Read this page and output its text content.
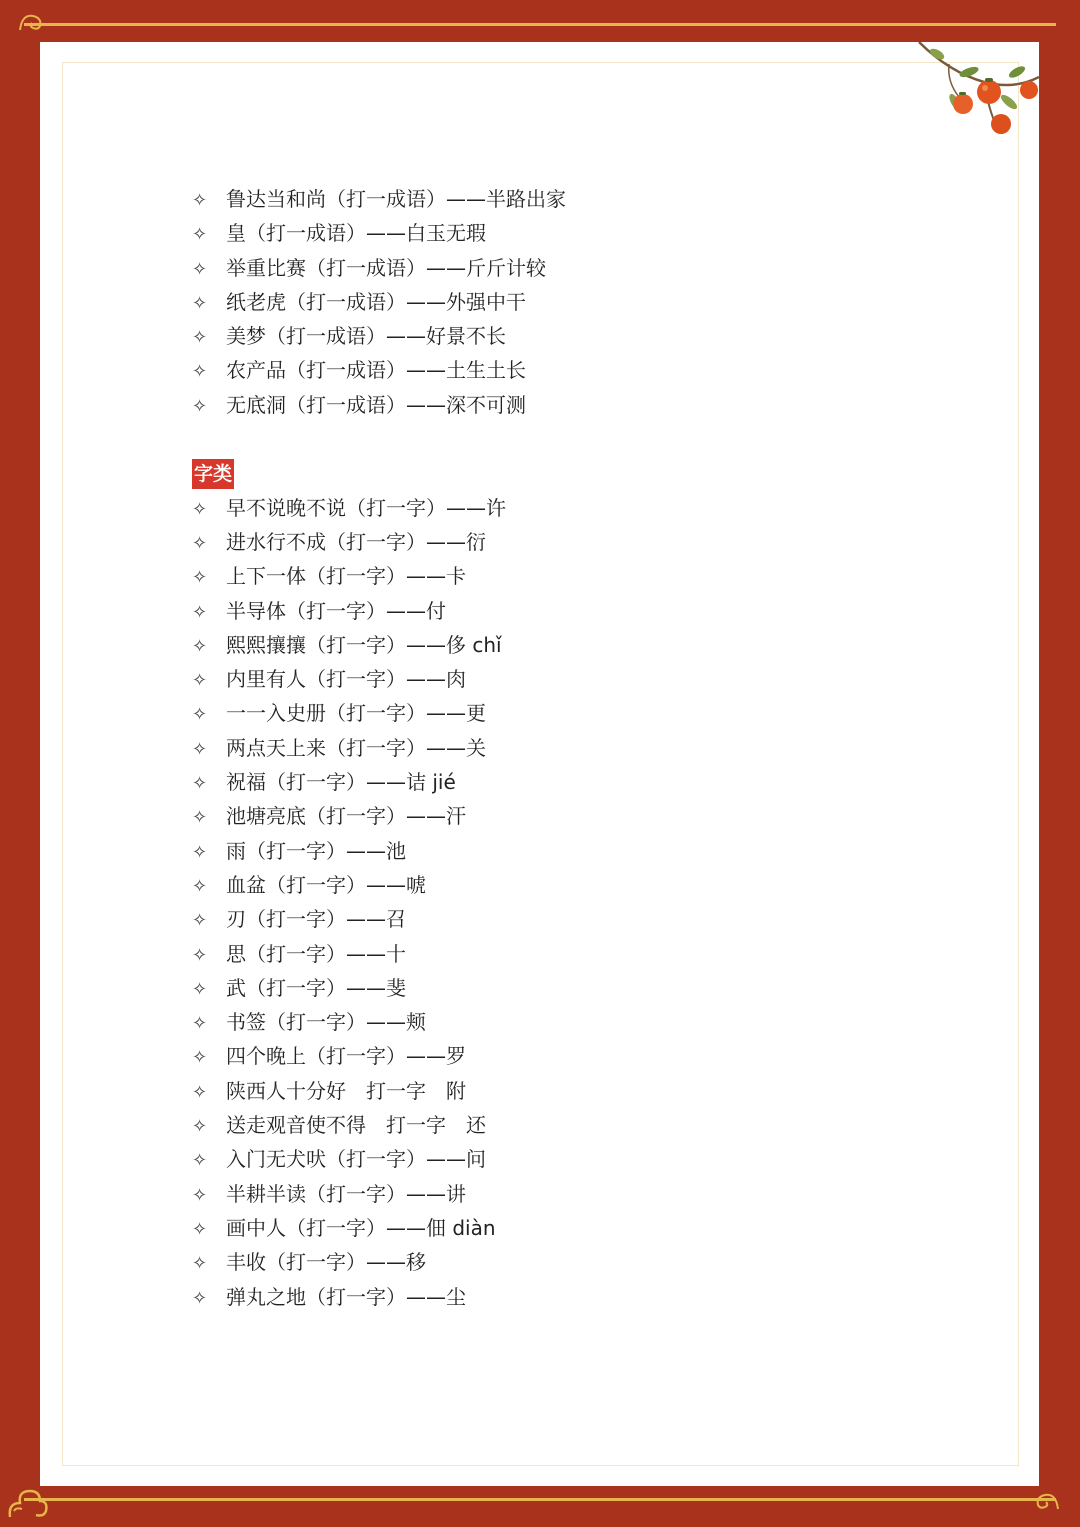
✧ 鲁达当和尚（打一成语）——半路出家
✧ 皇（打一成语）——白玉无瑕
✧ 举重比赛（打一成语）——斤斤计较
✧ 纸老虎（打一成语）——外强中干
✧ 美梦（打一成语）——好景不长
✧ 农产品（打一成语）——土生土长
✧ 无底洞（打一成语）——深不可测
字类
✧ 早不说晚不说（打一字）——许
✧ 进水行不成（打一字）——衍
✧ 上下一体（打一字）——卡
✧ 半导体（打一字）——付
✧ 熙熙攘攘（打一字）——侈 chǐ
✧ 内里有人（打一字）——肉
✧ 一一入史册（打一字）——更
✧ 两点天上来（打一字）——关
✧ 祝福（打一字）——诘 jié
✧ 池塘亮底（打一字）——汗
✧ 雨（打一字）——池
✧ 血盆（打一字）——唬
✧ 刃（打一字）——召
✧ 思（打一字）——十
✧ 武（打一字）——斐
✧ 书签（打一字）——颊
✧ 四个晚上（打一字）——罗
✧ 陕西人十分好　打一字　附
✧ 送走观音使不得　打一字　还
✧ 入门无犬吠（打一字）——问
✧ 半耕半读（打一字）——讲
✧ 画中人（打一字）——佃 diàn
✧ 丰收（打一字）——移
✧ 弹丸之地（打一字）——尘
